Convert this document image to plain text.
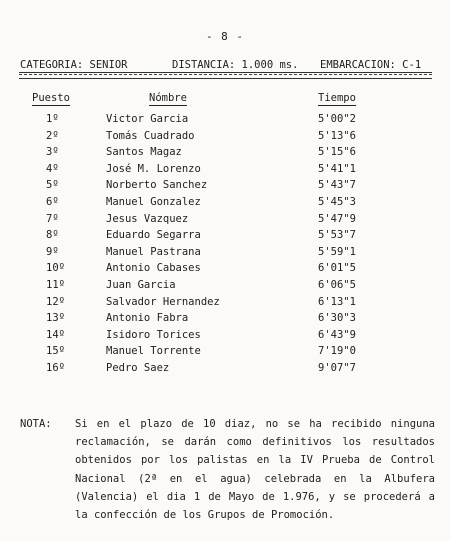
- 8 -
CATEGORIA: SENIOR	DISTANCIA: 1.000 ms. EMBARCACION: C-1
Puesto	Nómbre	Tiempo
1º	Victor Garcia	5'00"2
2º	Tomás Cuadrado	5'13"6
3º	Santos Magaz	5'15"6
4º	José M. Lorenzo	5'41"1
5º	Norberto Sanchez	5'43"7
6º	Manuel Gonzalez	5'45"3
7º	Jesus Vazquez	5'47"9
8º	Eduardo Segarra	5'53"7
9º	Manuel Pastrana	5'59"1
10º	Antonio Cabases	6'01"5
11º	Juan Garcia	6'06"5
12º	Salvador Hernandez	6'13"1
13º	Antonio Fabra	6'30"3
14º	Isidoro Torices	6'43"9
15º	Manuel Torrente	7'19"0
16º	Pedro Saez	9'07"7
NOTA: Si en el plazo de 10 diaz, no se ha recibido ninguna reclamación, se darán como definitivos los resultados obtenidos por los palistas en la IV Prueba de Control Nacional (2ª en el agua) celebrada en la Albufera (Valencia) el dia 1 de Mayo de 1.976, y se procederá a la confección de los Grupos de Promoción.
